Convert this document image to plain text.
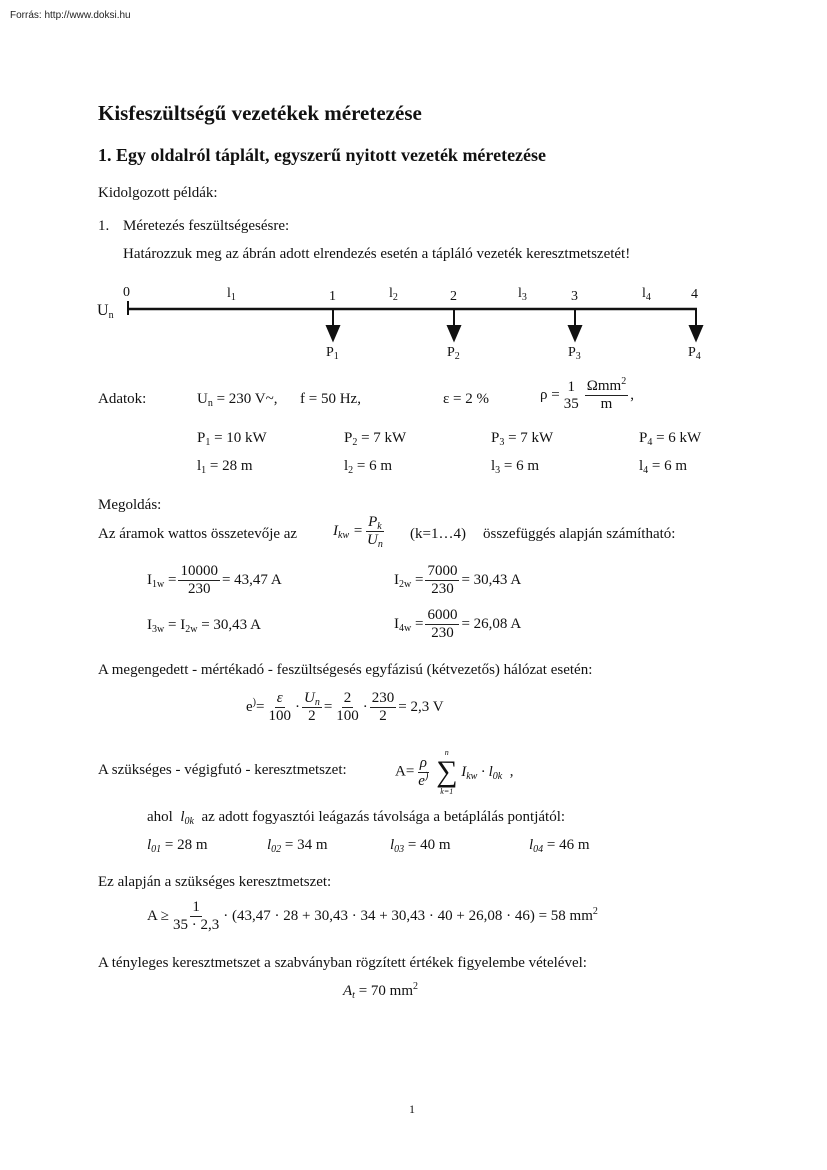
Forrás: http://www.doksi.hu
Kisfeszültségű vezetékek méretezése
1. Egy oldalról táplált, egyszerű nyitott vezeték méretezése
Kidolgozott példák:
1. Méretezés feszültségesésre:
Határozzuk meg az ábrán adott elrendezés esetén a tápláló vezeték keresztmetszetét!
$U_n$
0	1	2	3	4
$l_1$	$l_2$	$l_3$	$l_4$
$P_1$	$P_2$	$P_3$	$P_4$
Adatok:	$U_n = 230$ V~, f = 50 Hz,	ε = 2 %	ρ =
1
$35 \frac{\Omega mm^2}{m}$ ,
$P_1 = 10$ kW	$P_2 = 7$ kW	$P_3 = 7$ kW	$P_4 = 6$ kW
$l_1 = 28$ m	$l_2 = 6$ m	$l_3 = 6$ m	$l_4 = 6$ m
Megoldás:
Az áramok wattos összetevője az $I_{kw} = \frac{P_k}{U_n}$ (k=1…4) összefüggés alapján számítható:
$I_{1w} = \frac{10000}{230} = 43,47$ A	$I_{2w} = \frac{7000}{230} = 30,43$ A
$I_{3w} = I_{2w} = 30,43$ A	$I_{4w} = \frac{6000}{230} = 26,08$ A
A megengedett - mértékadó - feszültségesés egyfázisú (kétvezetős) hálózat esetén:
$e^)= \frac{\varepsilon}{100} \cdot \frac{U_n}{2} = \frac{2}{100} \cdot \frac{230}{2} = 2,3$ V
A szükséges - végigfutó - keresztmetszet:	$A= \frac{\rho}{e^)}$

n
∑
k=1
$I_{kw} \cdot l_{0k}$  ,
ahol $l_{0k}$ az adott fogyasztói leágazás távolsága a betáplálás pontjától:
$l_{01} = 28$ m	$l_{02} = 34$ m	$l_{03} = 40$ m	$l_{04} = 46$ m
Ez alapján a szükséges keresztmetszet:
$A \ge \frac{1}{35 \cdot 2,3} \cdot (43,47 \cdot 28 + 30,43 \cdot 34 + 30,43 \cdot 40 + 26,08 \cdot 46) = 58$ $mm^2$
A tényleges keresztmetszet a szabványban rögzített értékek figyelembe vételével:
$A_t = 70$ $mm^2$
1
